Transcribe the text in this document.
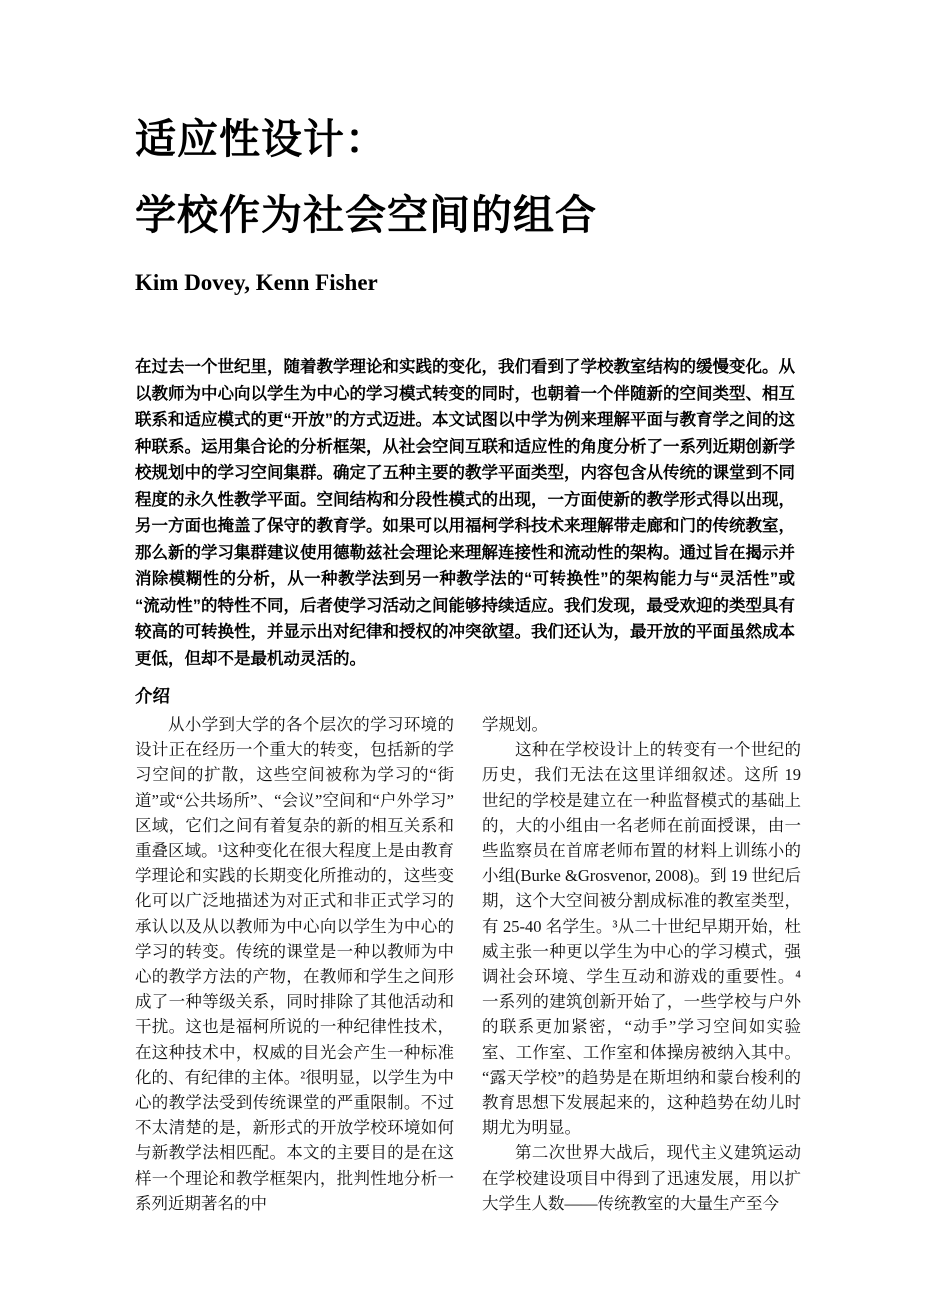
适应性设计：
学校作为社会空间的组合
Kim Dovey, Kenn Fisher

在过去一个世纪里，随着教学理论和实践的变化，我们看到了学校教室结构的缓慢变化。从以教师为中心向以学生为中心的学习模式转变的同时，也朝着一个伴随新的空间类型、相互联系和适应模式的更“开放”的方式迈进。本文试图以中学为例来理解平面与教育学之间的这种联系。运用集合论的分析框架，从社会空间互联和适应性的角度分析了一系列近期创新学校规划中的学习空间集群。确定了五种主要的教学平面类型，内容包含从传统的课堂到不同程度的永久性教学平面。空间结构和分段性模式的出现，一方面使新的教学形式得以出现，另一方面也掩盖了保守的教育学。如果可以用福柯学科技术来理解带走廊和门的传统教室，那么新的学习集群建议使用德勒兹社会理论来理解连接性和流动性的架构。通过旨在揭示并消除模糊性的分析，从一种教学法到另一种教学法的“可转换性”的架构能力与“灵活性”或“流动性”的特性不同，后者使学习活动之间能够持续适应。我们发现，最受欢迎的类型具有较高的可转换性，并显示出对纪律和授权的冲突欲望。我们还认为，最开放的平面虽然成本更低，但却不是最机动灵活的。

介绍

从小学到大学的各个层次的学习环境的设计正在经历一个重大的转变，包括新的学习空间的扩散，这些空间被称为学习的“街道”或“公共场所”、“会议”空间和“户外学习”区域，它们之间有着复杂的新的相互关系和重叠区域。¹这种变化在很大程度上是由教育学理论和实践的长期变化所推动的，这些变化可以广泛地描述为对正式和非正式学习的承认以及从以教师为中心向以学生为中心的学习的转变。传统的课堂是一种以教师为中心的教学方法的产物，在教师和学生之间形成了一种等级关系，同时排除了其他活动和干扰。这也是福柯所说的一种纪律性技术，在这种技术中，权威的目光会产生一种标准化的、有纪律的主体。²很明显，以学生为中心的教学法受到传统课堂的严重限制。不过不太清楚的是，新形式的开放学校环境如何与新教学法相匹配。本文的主要目的是在这样一个理论和教学框架内，批判性地分析一系列近期著名的中

学规划。

这种在学校设计上的转变有一个世纪的历史，我们无法在这里详细叙述。这所 19 世纪的学校是建立在一种监督模式的基础上的，大的小组由一名老师在前面授课，由一些监察员在首席老师布置的材料上训练小的小组(Burke &Grosvenor, 2008)。到 19 世纪后期，这个大空间被分割成标准的教室类型，有 25-40 名学生。³从二十世纪早期开始，杜威主张一种更以学生为中心的学习模式，强调社会环境、学生互动和游戏的重要性。⁴一系列的建筑创新开始了，一些学校与户外的联系更加紧密，“动手”学习空间如实验室、工作室、工作室和体操房被纳入其中。“露天学校”的趋势是在斯坦纳和蒙台梭利的教育思想下发展起来的，这种趋势在幼儿时期尤为明显。

第二次世界大战后，现代主义建筑运动在学校建设项目中得到了迅速发展，用以扩大学生人数——传统教室的大量生产至今
